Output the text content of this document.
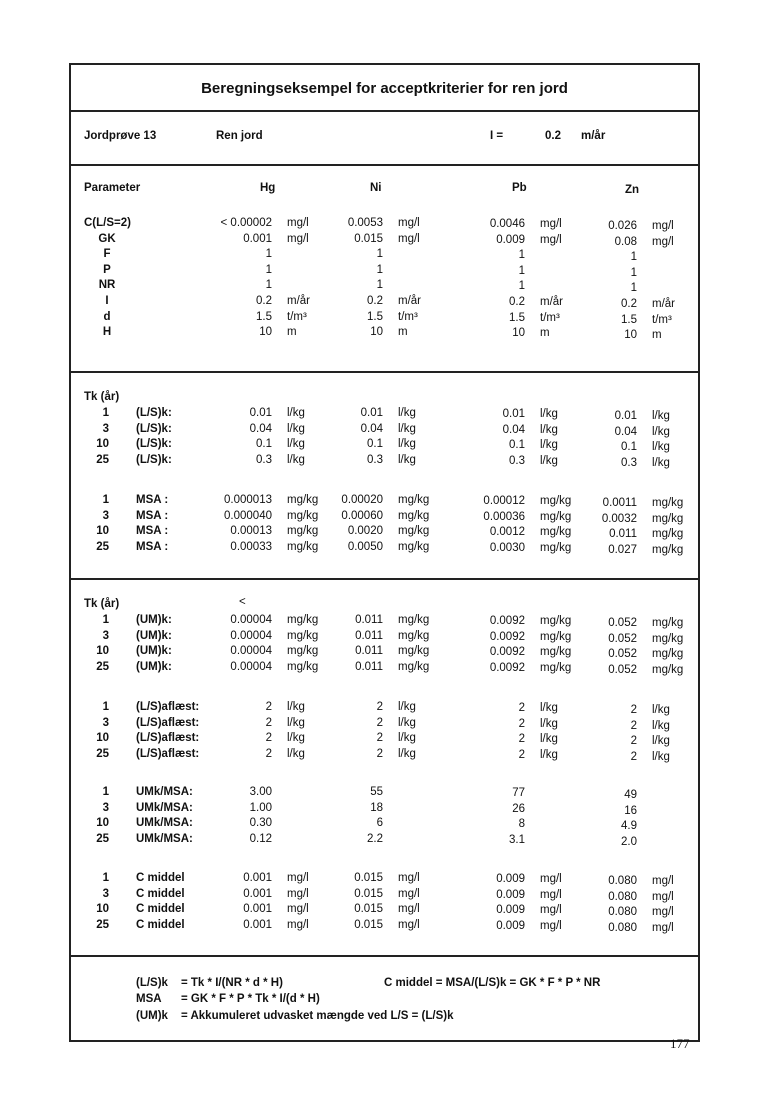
Beregningseksempel for acceptkriterier for ren jord
Jordprøve 13	Ren jord	I =	0.2 m/år
Parameter	Hg	Ni	Pb	Zn
C(L/S=2)	< 0.00002 mg/l	0.0053 mg/l	0.0046 mg/l	0.026 mg/l
GK	0.001 mg/l	0.015 mg/l	0.009 mg/l	0.08 mg/l
F	1	1	1	1
P	1	1	1	1
NR	1	1	1	1
I	0.2 m/år	0.2 m/år	0.2 m/år	0.2 m/år
d	1.5 t/m³	1.5 t/m³	1.5 t/m³	1.5 t/m³
H	10 m	10 m	10 m	10 m
1 (L/S)k:	0.01 l/kg	0.01 l/kg	0.01 l/kg	0.01 l/kg
3 (L/S)k:	0.04 l/kg	0.04 l/kg	0.04 l/kg	0.04 l/kg
10 (L/S)k:	0.1 l/kg	0.1 l/kg	0.1 l/kg	0.1 l/kg
25 (L/S)k:	0.3 l/kg	0.3 l/kg	0.3 l/kg	0.3 l/kg
1 MSA :	0.000013 mg/kg 0.00020 mg/kg	0.00012 mg/kg	0.0011 mg/kg
3 MSA :	0.000040 mg/kg 0.00060 mg/kg	0.00036 mg/kg	0.0032 mg/kg
10 MSA :	0.00013 mg/kg	0.0020 mg/kg	0.0012 mg/kg	0.011 mg/kg
25 MSA :	0.00033 mg/kg	0.0050 mg/kg	0.0030 mg/kg	0.027 mg/kg
1 (UM)k:	0.00004 mg/kg	0.011 mg/kg	0.0092 mg/kg	0.052 mg/kg
3 (UM)k:	0.00004 mg/kg	0.011 mg/kg	0.0092 mg/kg	0.052 mg/kg
10 (UM)k:	0.00004 mg/kg	0.011 mg/kg	0.0092 mg/kg	0.052 mg/kg
25 (UM)k:	0.00004 mg/kg	0.011 mg/kg	0.0092 mg/kg	0.052 mg/kg
1 (L/S)aflæst:	2 l/kg	2 l/kg	2 l/kg	2 l/kg
3 (L/S)aflæst:	2 l/kg	2 l/kg	2 l/kg	2 l/kg
10 (L/S)aflæst:	2 l/kg	2 l/kg	2 l/kg	2 l/kg
25 (L/S)aflæst:	2 l/kg	2 l/kg	2 l/kg	2 l/kg
1 UMk/MSA:	3.00	55	77	49
3 UMk/MSA:	1.00	18	26	16
10 UMk/MSA:	0.30	6	8	4.9
25 UMk/MSA:	0.12	2.2	3.1	2.0
1 C middel	0.001 mg/l	0.015 mg/l	0.009 mg/l	0.080 mg/l
3 C middel	0.001 mg/l	0.015 mg/l	0.009 mg/l	0.080 mg/l
10 C middel	0.001 mg/l	0.015 mg/l	0.009 mg/l	0.080 mg/l
25 C middel	0.001 mg/l	0.015 mg/l	0.009 mg/l	0.080 mg/l
Tk (år)
Tk (år)	<
(L/S)k = Tk * I/(NR * d * H)	C middel = MSA/(L/S)k = GK * F * P * NR
MSA = GK * F * P * Tk * I/(d * H)
(UM)k = Akkumuleret udvasket mængde ved L/S = (L/S)k
177
